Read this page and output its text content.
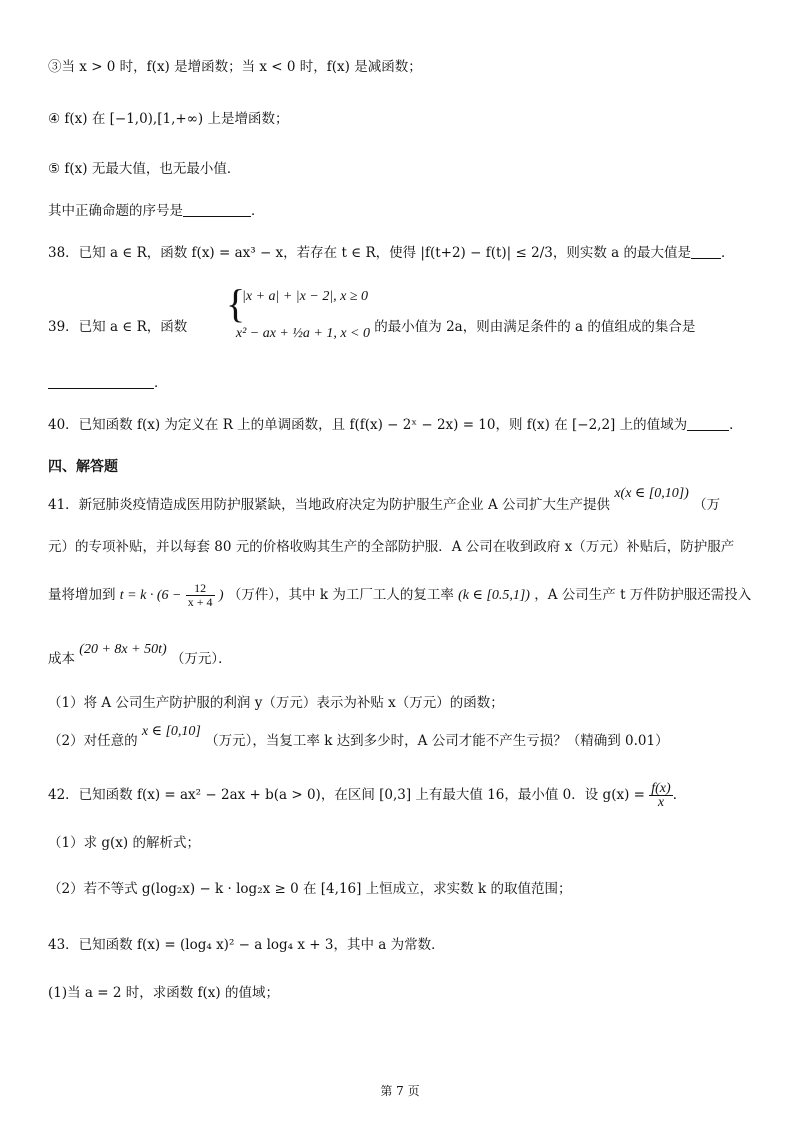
③当 x > 0 时，f(x) 是增函数；当 x < 0 时，f(x) 是减函数；
④ f(x) 在 [−1,0),[1,+∞) 上是增函数；
⑤ f(x) 无最大值，也无最小值．
其中正确命题的序号是	．
38．已知 a ∈ R，函数 f(x) = ax³ − x，若存在 t ∈ R，使得 |f(t+2) − f(t)| ≤ 2/3，则实数 a 的最大值是 ．
{
|x + a| + |x − 2|, x ≥ 0
39．已知 a ∈ R，函数	x² − ax + ½a + 1, x < 0 的最小值为 2a，则由满足条件的 a 的值组成的集合是
．
40．已知函数 f(x) 为定义在 R 上的单调函数，且 f(f(x) − 2ˣ − 2x) = 10，则 f(x) 在 [−2,2] 上的值域为	．
四、解答题
41．新冠肺炎疫情造成医用防护服紧缺，当地政府决定为防护服生产企业 A 公司扩大生产提供 x(x ∈ [0,10]) （万
元）的专项补贴，并以每套 80 元的价格收购其生产的全部防护服．A 公司在收到政府 x（万元）补贴后，防护服产
量将增加到 $t = k \cdot (6 - \frac{12}{x + 4}$ ) （万件），其中 k 为工厂工人的复工率 (k ∈ [0.5,1]) ，A 公司生产 t 万件防护服还需投入
成本 (20 + 8x + 50t) （万元）．
（1）将 A 公司生产防护服的利润 y（万元）表示为补贴 x（万元）的函数；
（2）对任意的 x ∈ [0,10] （万元），当复工率 k 达到多少时，A 公司才能不产生亏损？（精确到 0.01）
42．已知函数 f(x) = ax² − 2ax + b(a > 0)，在区间 [0,3] 上有最大值 16，最小值 0．设 $g(x) = \frac{f(x)}{x}$ ．
（1）求 g(x) 的解析式；
（2）若不等式 g(log₂x) − k · log₂x ≥ 0 在 [4,16] 上恒成立，求实数 k 的取值范围；
43．已知函数 f(x) = (log₄ x)² − a log₄ x + 3，其中 a 为常数．
(1)当 a = 2 时，求函数 f(x) 的值域；
第 7 页
